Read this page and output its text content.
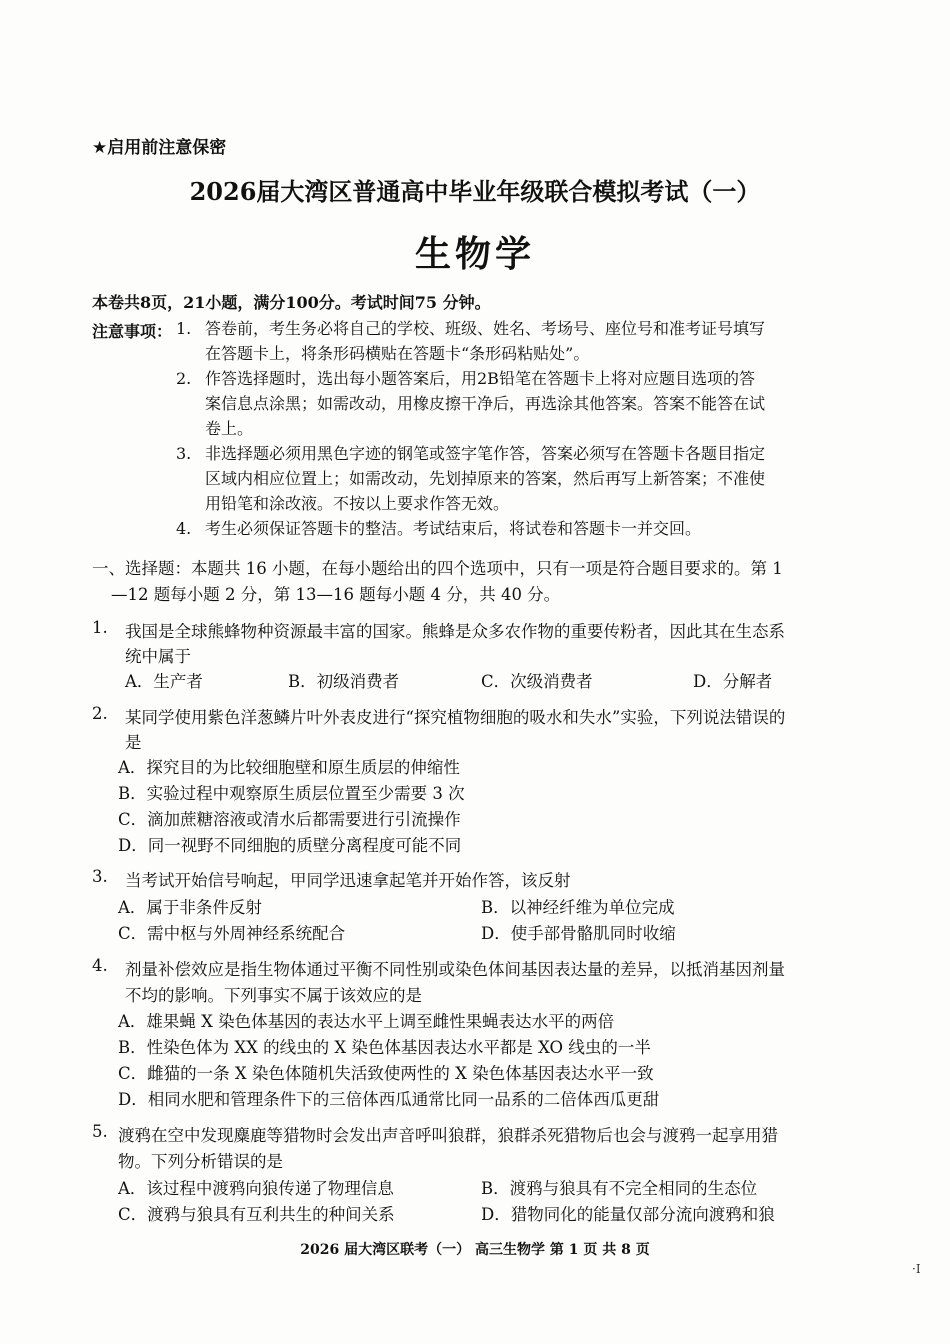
★启用前注意保密
2026届大湾区普通高中毕业年级联合模拟考试（一）
生物学
本卷共8页，21小题，满分100分。考试时间75 分钟。
注意事项： 1. 答卷前，考生务必将自己的学校、班级、姓名、考场号、座位号和准考证号填写
在答题卡上，将条形码横贴在答题卡“条形码粘贴处”。
2. 作答选择题时，选出每小题答案后，用2B铅笔在答题卡上将对应题目选项的答
案信息点涂黑；如需改动，用橡皮擦干净后，再选涂其他答案。答案不能答在试
卷上。
3. 非选择题必须用黑色字迹的钢笔或签字笔作答，答案必须写在答题卡各题目指定
区域内相应位置上；如需改动，先划掉原来的答案，然后再写上新答案；不准使
用铅笔和涂改液。不按以上要求作答无效。
4. 考生必须保证答题卡的整洁。考试结束后，将试卷和答题卡一并交回。
一、选择题：本题共 16 小题，在每小题给出的四个选项中，只有一项是符合题目要求的。第 1
—12 题每小题 2 分，第 13—16 题每小题 4 分，共 40 分。
1. 我国是全球熊蜂物种资源最丰富的国家。熊蜂是众多农作物的重要传粉者，因此其在生态系
统中属于
A．生产者	B．初级消费者	C．次级消费者	D．分解者
2. 某同学使用紫色洋葱鳞片叶外表皮进行“探究植物细胞的吸水和失水”实验，下列说法错误的
是
A．探究目的为比较细胞壁和原生质层的伸缩性
B．实验过程中观察原生质层位置至少需要 3 次
C．滴加蔗糖溶液或清水后都需要进行引流操作
D．同一视野不同细胞的质壁分离程度可能不同
3. 当考试开始信号响起，甲同学迅速拿起笔并开始作答，该反射
A．属于非条件反射	B．以神经纤维为单位完成
C．需中枢与外周神经系统配合	D．使手部骨骼肌同时收缩
4. 剂量补偿效应是指生物体通过平衡不同性别或染色体间基因表达量的差异，以抵消基因剂量
不均的影响。下列事实不属于该效应的是
A．雄果蝇 X 染色体基因的表达水平上调至雌性果蝇表达水平的两倍
B．性染色体为 XX 的线虫的 X 染色体基因表达水平都是 XO 线虫的一半
C．雌猫的一条 X 染色体随机失活致使两性的 X 染色体基因表达水平一致
D．相同水肥和管理条件下的三倍体西瓜通常比同一品系的二倍体西瓜更甜
5. 渡鸦在空中发现麋鹿等猎物时会发出声音呼叫狼群，狼群杀死猎物后也会与渡鸦一起享用猎
物。下列分析错误的是
A．该过程中渡鸦向狼传递了物理信息	B．渡鸦与狼具有不完全相同的生态位
C．渡鸦与狼具有互利共生的种间关系	D．猎物同化的能量仅部分流向渡鸦和狼
2026 届大湾区联考（一） 高三生物学 第 1 页 共 8 页
·I
